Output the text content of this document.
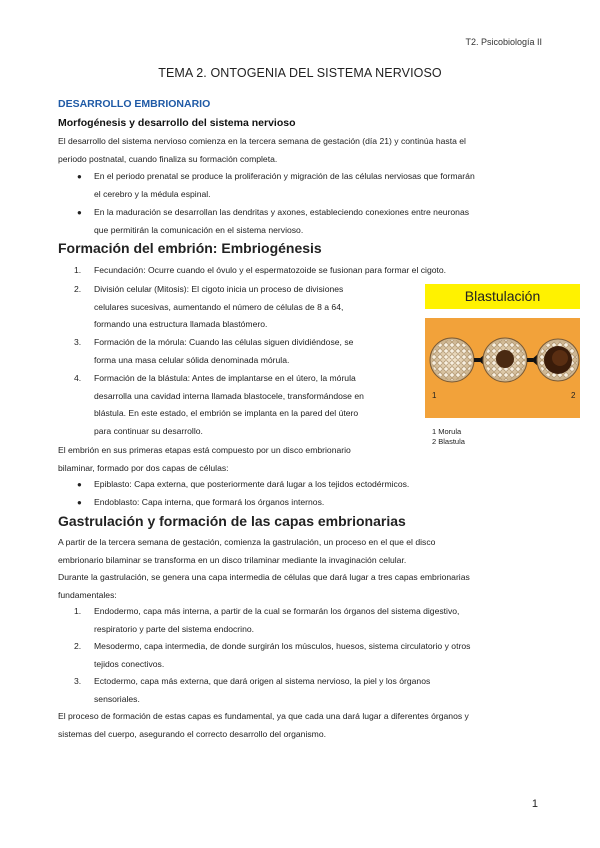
T2. Psicobiología II
TEMA 2. ONTOGENIA DEL SISTEMA NERVIOSO
DESARROLLO EMBRIONARIO
Morfogénesis y desarrollo del sistema nervioso
El desarrollo del sistema nervioso comienza en la tercera semana de gestación (día 21) y continúa hasta el
periodo postnatal, cuando finaliza su formación completa.
● En el periodo prenatal se produce la proliferación y migración de las células nerviosas que formarán
el cerebro y la médula espinal.
● En la maduración se desarrollan las dendritas y axones, estableciendo conexiones entre neuronas
que permitirán la comunicación en el sistema nervioso.
Formación del embrión: Embriogénesis
1. Fecundación: Ocurre cuando el óvulo y el espermatozoide se fusionan para formar el cigoto.
2. División celular (Mitosis): El cigoto inicia un proceso de divisiones
celulares sucesivas, aumentando el número de células de 8 a 64,
formando una estructura llamada blastómero.
3. Formación de la mórula: Cuando las células siguen dividiéndose, se
forma una masa celular sólida denominada mórula.
4. Formación de la blástula: Antes de implantarse en el útero, la mórula
desarrolla una cavidad interna llamada blastocele, transformándose en
blástula. En este estado, el embrión se implanta en la pared del útero
para continuar su desarrollo.
Blastulación
1	2
1 Morula
2 Blastula
El embrión en sus primeras etapas está compuesto por un disco embrionario
bilaminar, formado por dos capas de células:
● Epiblasto: Capa externa, que posteriormente dará lugar a los tejidos ectodérmicos.
● Endoblasto: Capa interna, que formará los órganos internos.
Gastrulación y formación de las capas embrionarias
A partir de la tercera semana de gestación, comienza la gastrulación, un proceso en el que el disco
embrionario bilaminar se transforma en un disco trilaminar mediante la invaginación celular.
Durante la gastrulación, se genera una capa intermedia de células que dará lugar a tres capas embrionarias
fundamentales:
1. Endodermo, capa más interna, a partir de la cual se formarán los órganos del sistema digestivo,
respiratorio y parte del sistema endocrino.
2. Mesodermo, capa intermedia, de donde surgirán los músculos, huesos, sistema circulatorio y otros
tejidos conectivos.
3. Ectodermo, capa más externa, que dará origen al sistema nervioso, la piel y los órganos
sensoriales.
El proceso de formación de estas capas es fundamental, ya que cada una dará lugar a diferentes órganos y
sistemas del cuerpo, asegurando el correcto desarrollo del organismo.
1
